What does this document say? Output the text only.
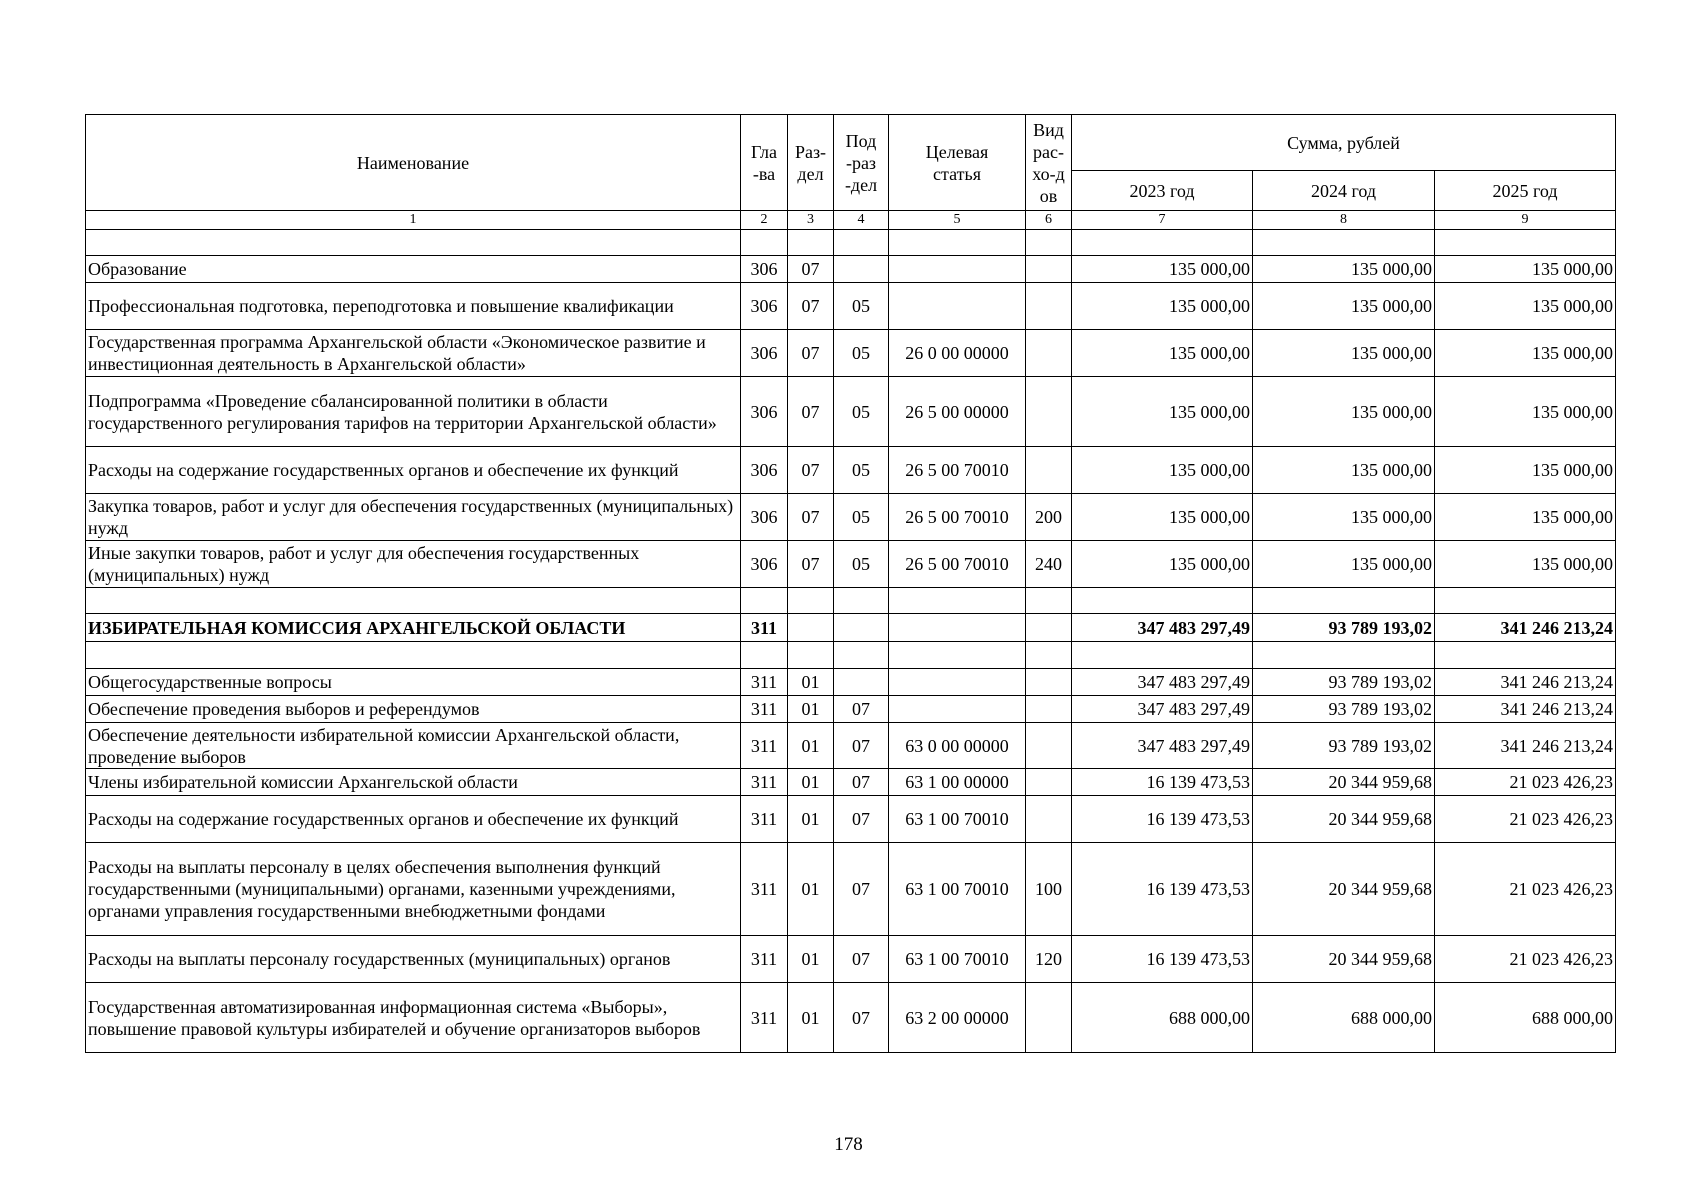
Наименование	Гла-ва	Раз-дел	Под-раз-дел	Целевая статья	Вид рас-хо-дов	Сумма, рублей		
						2023 год	2024 год	2025 год
1	2	3	4	5	6	7	8	9

Образование	306	07				135 000,00	135 000,00	135 000,00
Профессиональная подготовка, переподготовка и повышение квалификации	306	07	05			135 000,00	135 000,00	135 000,00
Государственная программа Архангельской области «Экономическое развитие и инвестиционная деятельность в Архангельской области»	306	07	05	26 0 00 00000		135 000,00	135 000,00	135 000,00
Подпрограмма «Проведение сбалансированной политики в области государственного регулирования тарифов на территории Архангельской области»	306	07	05	26 5 00 00000		135 000,00	135 000,00	135 000,00
Расходы на содержание государственных органов и обеспечение их функций	306	07	05	26 5 00 70010		135 000,00	135 000,00	135 000,00
Закупка товаров, работ и услуг для обеспечения государственных (муниципальных) нужд	306	07	05	26 5 00 70010	200	135 000,00	135 000,00	135 000,00
Иные закупки товаров, работ и услуг для обеспечения государственных (муниципальных) нужд	306	07	05	26 5 00 70010	240	135 000,00	135 000,00	135 000,00

ИЗБИРАТЕЛЬНАЯ КОМИССИЯ АРХАНГЕЛЬСКОЙ ОБЛАСТИ	311					347 483 297,49	93 789 193,02	341 246 213,24

Общегосударственные вопросы	311	01				347 483 297,49	93 789 193,02	341 246 213,24
Обеспечение проведения выборов и референдумов	311	01	07			347 483 297,49	93 789 193,02	341 246 213,24
Обеспечение деятельности избирательной комиссии Архангельской области, проведение выборов	311	01	07	63 0 00 00000		347 483 297,49	93 789 193,02	341 246 213,24
Члены избирательной комиссии Архангельской области	311	01	07	63 1 00 00000		16 139 473,53	20 344 959,68	21 023 426,23
Расходы на содержание государственных органов и обеспечение их функций	311	01	07	63 1 00 70010		16 139 473,53	20 344 959,68	21 023 426,23
Расходы на выплаты персоналу в целях обеспечения выполнения функций государственными (муниципальными) органами, казенными учреждениями, органами управления государственными внебюджетными фондами	311	01	07	63 1 00 70010	100	16 139 473,53	20 344 959,68	21 023 426,23
Расходы на выплаты персоналу государственных (муниципальных) органов	311	01	07	63 1 00 70010	120	16 139 473,53	20 344 959,68	21 023 426,23
Государственная автоматизированная информационная система «Выборы», повышение правовой культуры избирателей и обучение организаторов выборов	311	01	07	63 2 00 00000		688 000,00	688 000,00	688 000,00
178
